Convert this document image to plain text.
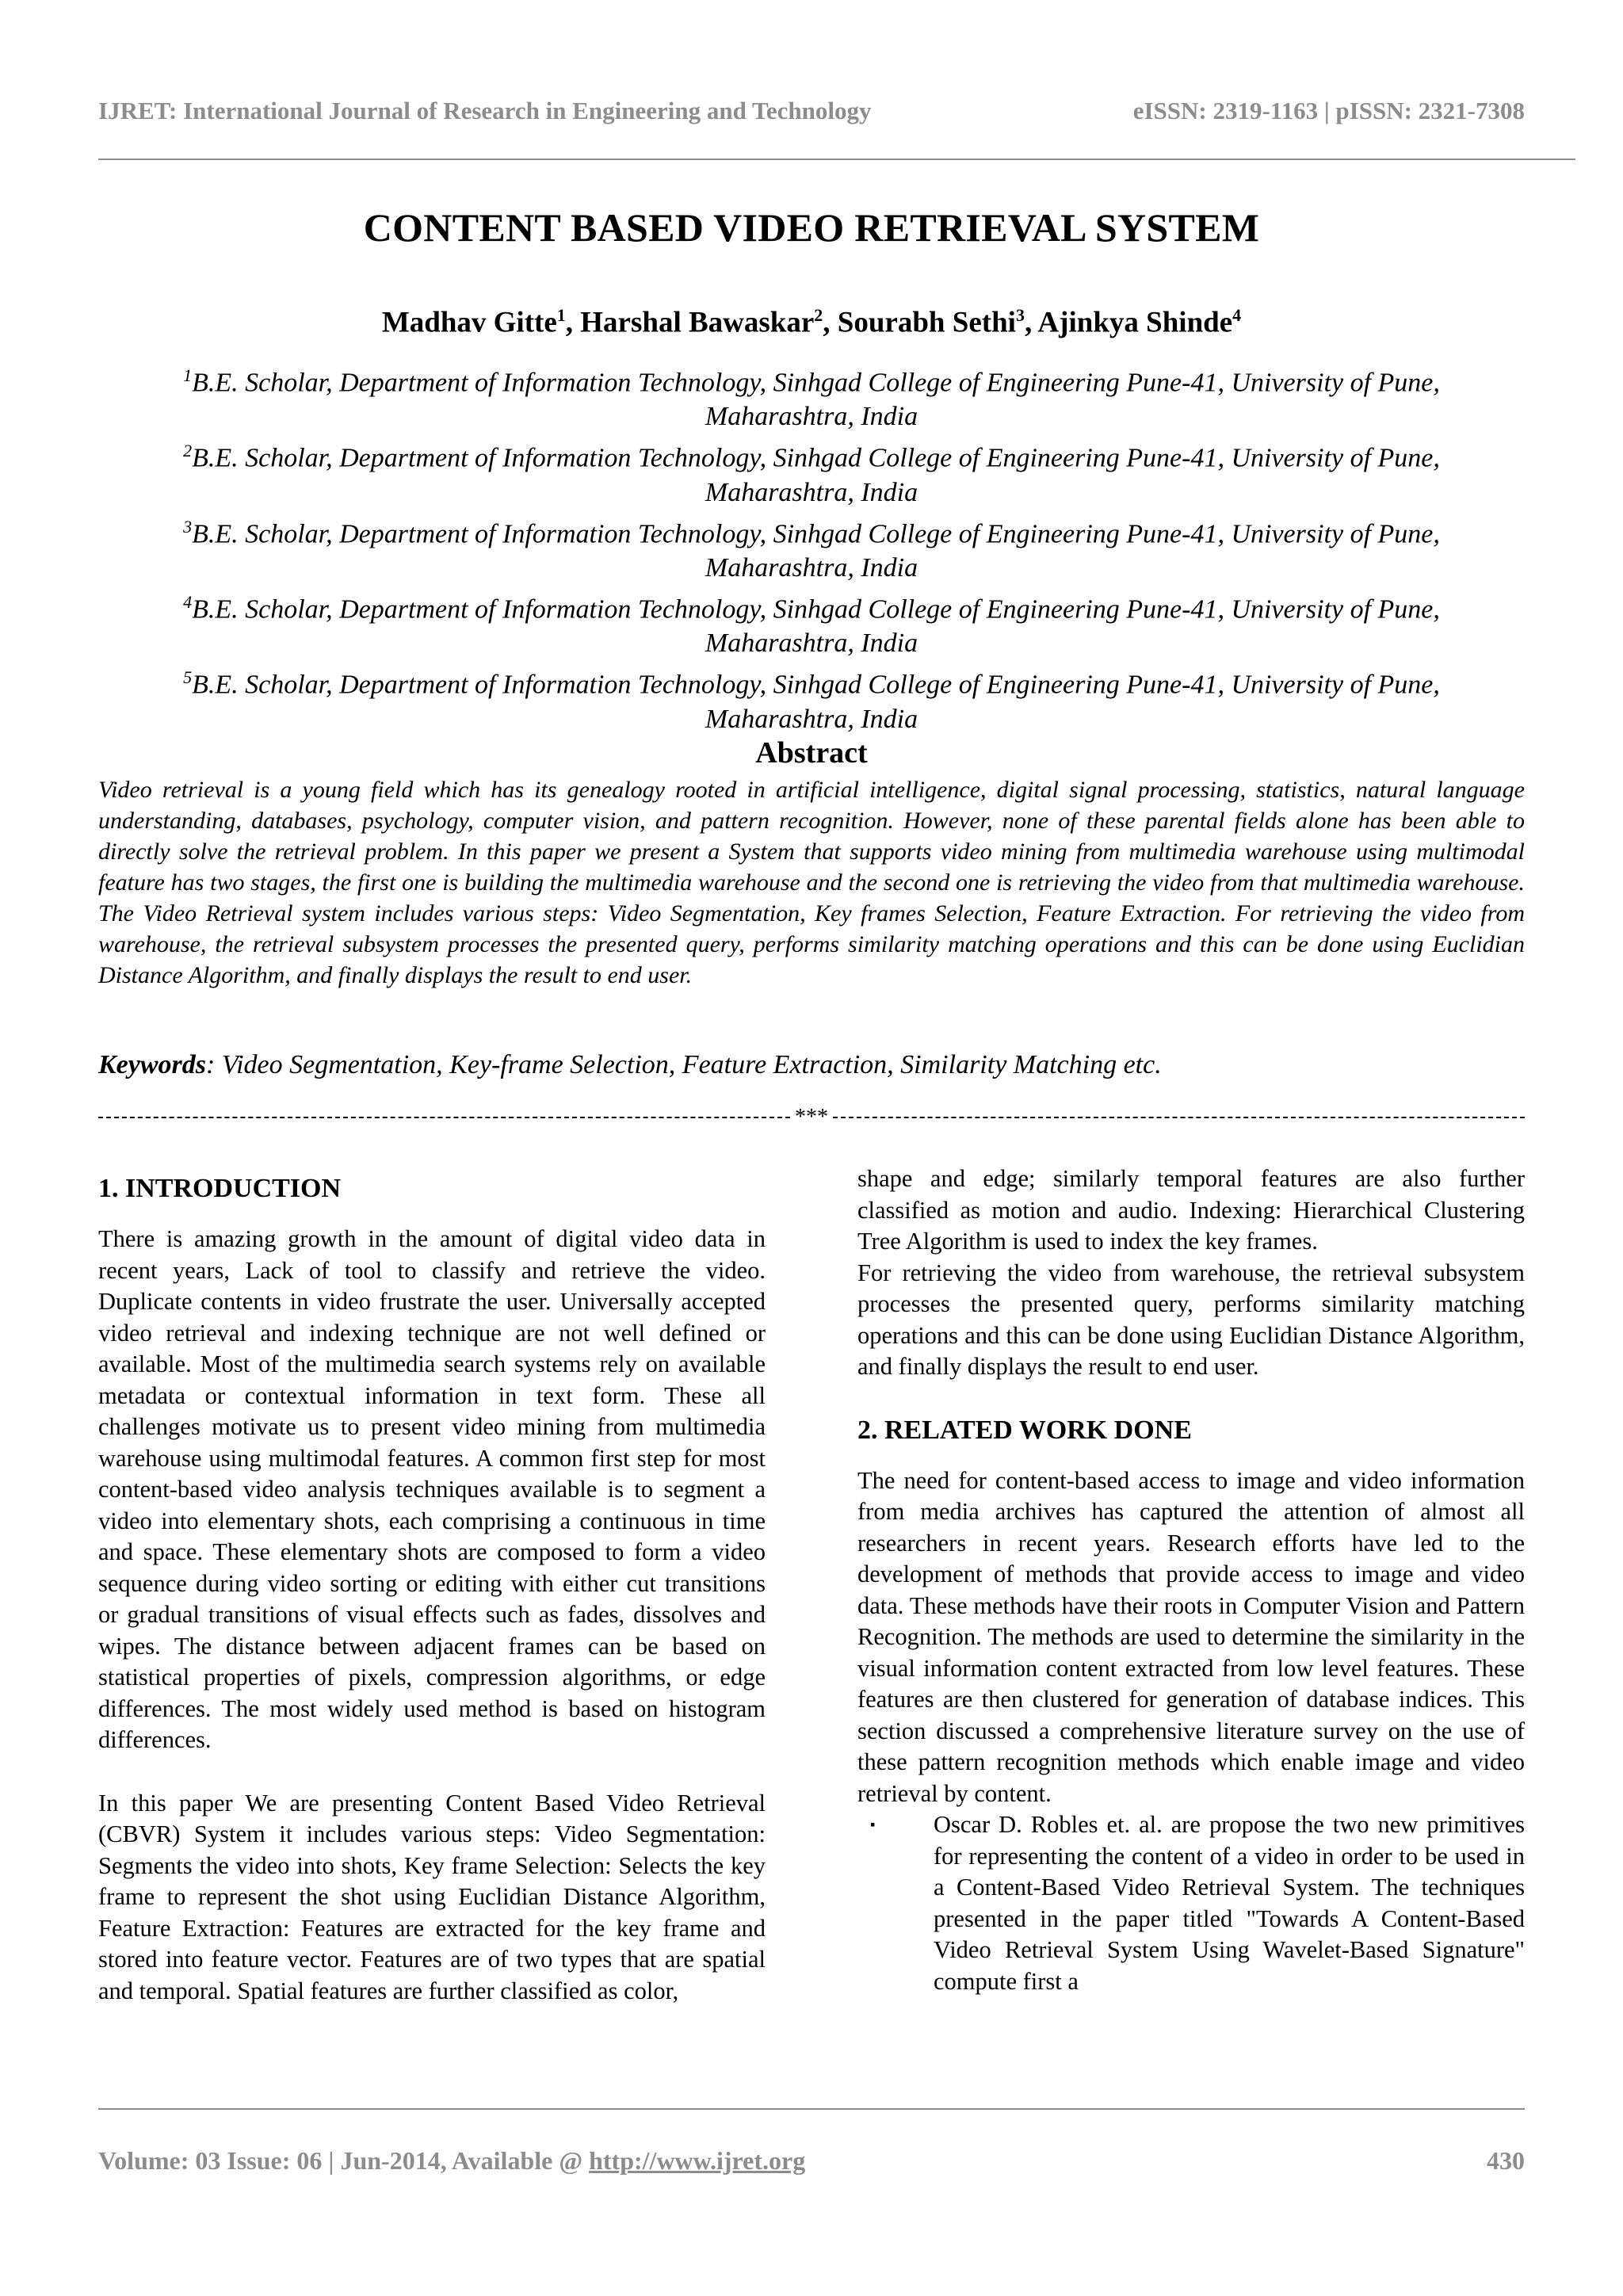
IJRET: International Journal of Research in Engineering and Technology	eISSN: 2319-1163 | pISSN: 2321-7308
CONTENT BASED VIDEO RETRIEVAL SYSTEM
Madhav Gitte$^1$, Harshal Bawaskar$^2$, Sourabh Sethi$^3$, Ajinkya Shinde$^4$

$^1$B.E. Scholar, Department of Information Technology, Sinhgad College of Engineering Pune-41, University of Pune,
Maharashtra, India

$^2$B.E. Scholar, Department of Information Technology, Sinhgad College of Engineering Pune-41, University of Pune,
Maharashtra, India

$^3$B.E. Scholar, Department of Information Technology, Sinhgad College of Engineering Pune-41, University of Pune,
Maharashtra, India

$^4$B.E. Scholar, Department of Information Technology, Sinhgad College of Engineering Pune-41, University of Pune,
Maharashtra, India

$^5$B.E. Scholar, Department of Information Technology, Sinhgad College of Engineering Pune-41, University of Pune,
Maharashtra, India

Abstract
Video retrieval is a young field which has its genealogy rooted in artificial intelligence, digital signal processing, statistics, natural language understanding, databases, psychology, computer vision, and pattern recognition. However, none of these parental fields alone has been able to directly solve the retrieval problem. In this paper we present a System that supports video mining from multimedia warehouse using multimodal feature has two stages, the first one is building the multimedia warehouse and the second one is retrieving the video from that multimedia warehouse. The Video Retrieval system includes various steps: Video Segmentation, Key frames Selection, Feature Extraction. For retrieving the video from warehouse, the retrieval subsystem processes the presented query, performs similarity matching operations and this can be done using Euclidian Distance Algorithm, and finally displays the result to end user.
Keywords: Video Segmentation, Key-frame Selection, Feature Extraction, Similarity Matching etc.
***
1. INTRODUCTION

There is amazing growth in the amount of digital video data in recent years, Lack of tool to classify and retrieve the video. Duplicate contents in video frustrate the user. Universally accepted video retrieval and indexing technique are not well defined or available. Most of the multimedia search systems rely on available metadata or contextual information in text form. These all challenges motivate us to present video mining from multimedia warehouse using multimodal features. A common first step for most content-based video analysis techniques available is to segment a video into elementary shots, each comprising a continuous in time and space. These elementary shots are composed to form a video sequence during video sorting or editing with either cut transitions or gradual transitions of visual effects such as fades, dissolves and wipes. The distance between adjacent frames can be based on statistical properties of pixels, compression algorithms, or edge differences. The most widely used method is based on histogram differences.

In this paper We are presenting Content Based Video Retrieval (CBVR) System it includes various steps: Video Segmentation: Segments the video into shots, Key frame Selection: Selects the key frame to represent the shot using Euclidian Distance Algorithm, Feature Extraction: Features are extracted for the key frame and stored into feature vector. Features are of two types that are spatial and temporal. Spatial features are further classified as color,

shape and edge; similarly temporal features are also further classified as motion and audio. Indexing: Hierarchical Clustering Tree Algorithm is used to index the key frames.

For retrieving the video from warehouse, the retrieval subsystem processes the presented query, performs similarity matching operations and this can be done using Euclidian Distance Algorithm, and finally displays the result to end user.

2. RELATED WORK DONE

The need for content-based access to image and video information from media archives has captured the attention of almost all researchers in recent years. Research efforts have led to the development of methods that provide access to image and video data. These methods have their roots in Computer Vision and Pattern Recognition. The methods are used to determine the similarity in the visual information content extracted from low level features. These features are then clustered for generation of database indices. This section discussed a comprehensive literature survey on the use of these pattern recognition methods which enable image and video retrieval by content.

▪	Oscar D. Robles et. al. are propose the two new primitives for representing the content of a video in order to be used in a Content-Based Video Retrieval System. The techniques presented in the paper titled "Towards A Content-Based Video Retrieval System Using Wavelet-Based Signature" compute first a
Volume: 03 Issue: 06 | Jun-2014, Available @ http://www.ijret.org	430
